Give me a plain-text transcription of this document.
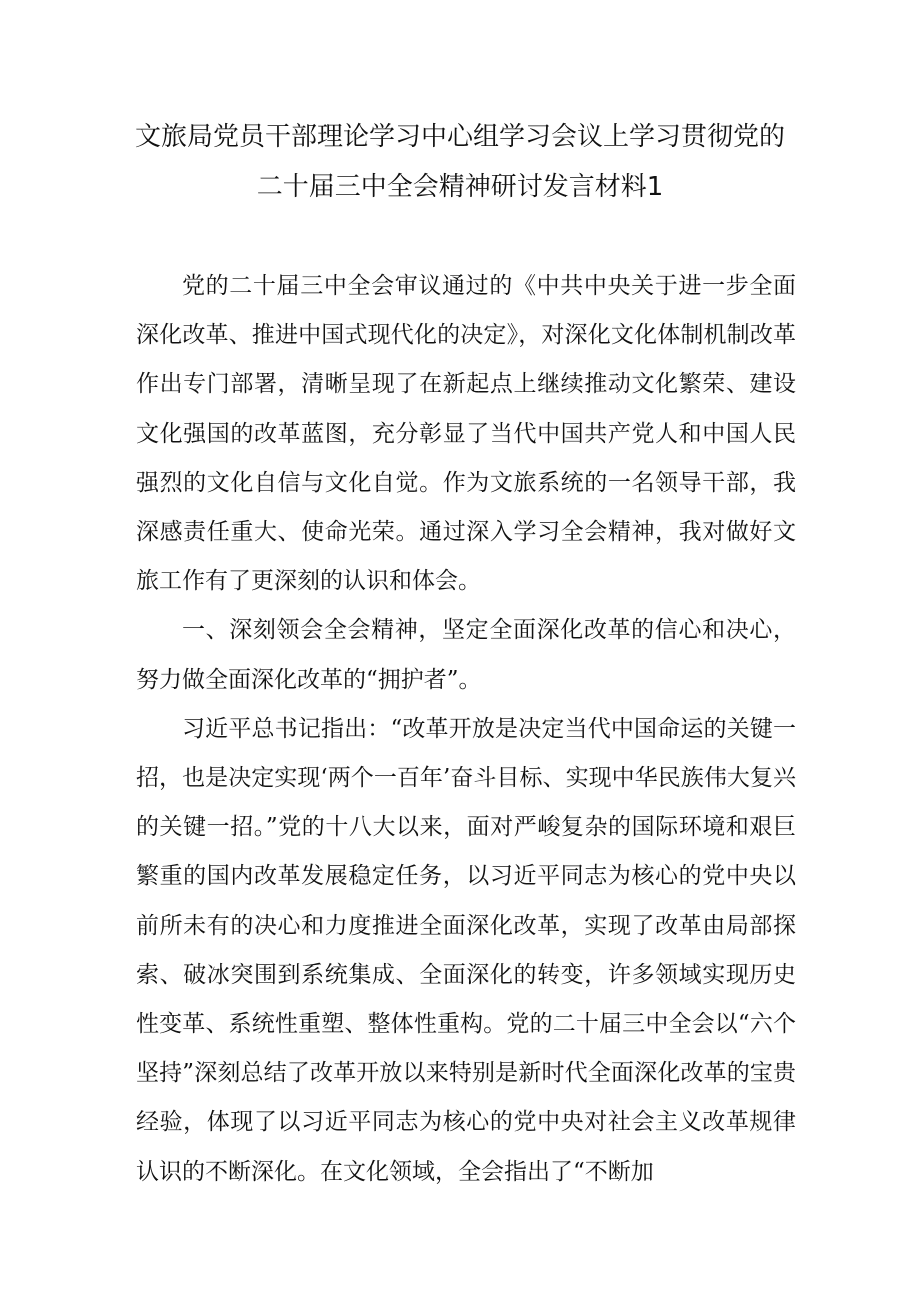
文旅局党员干部理论学习中心组学习会议上学习贯彻党的
二十届三中全会精神研讨发言材料1

党的二十届三中全会审议通过的《中共中央关于进一步全面深化改革、推进中国式现代化的决定》，对深化文化体制机制改革作出专门部署，清晰呈现了在新起点上继续推动文化繁荣、建设文化强国的改革蓝图，充分彰显了当代中国共产党人和中国人民强烈的文化自信与文化自觉。作为文旅系统的一名领导干部，我深感责任重大、使命光荣。通过深入学习全会精神，我对做好文旅工作有了更深刻的认识和体会。

一、深刻领会全会精神，坚定全面深化改革的信心和决心，努力做全面深化改革的“拥护者”。

习近平总书记指出：“改革开放是决定当代中国命运的关键一招，也是决定实现‘两个一百年’奋斗目标、实现中华民族伟大复兴的关键一招。”党的十八大以来，面对严峻复杂的国际环境和艰巨繁重的国内改革发展稳定任务，以习近平同志为核心的党中央以前所未有的决心和力度推进全面深化改革，实现了改革由局部探索、破冰突围到系统集成、全面深化的转变，许多领域实现历史性变革、系统性重塑、整体性重构。党的二十届三中全会以“六个坚持”深刻总结了改革开放以来特别是新时代全面深化改革的宝贵经验，体现了以习近平同志为核心的党中央对社会主义改革规律认识的不断深化。在文化领域，全会指出了“不断加
